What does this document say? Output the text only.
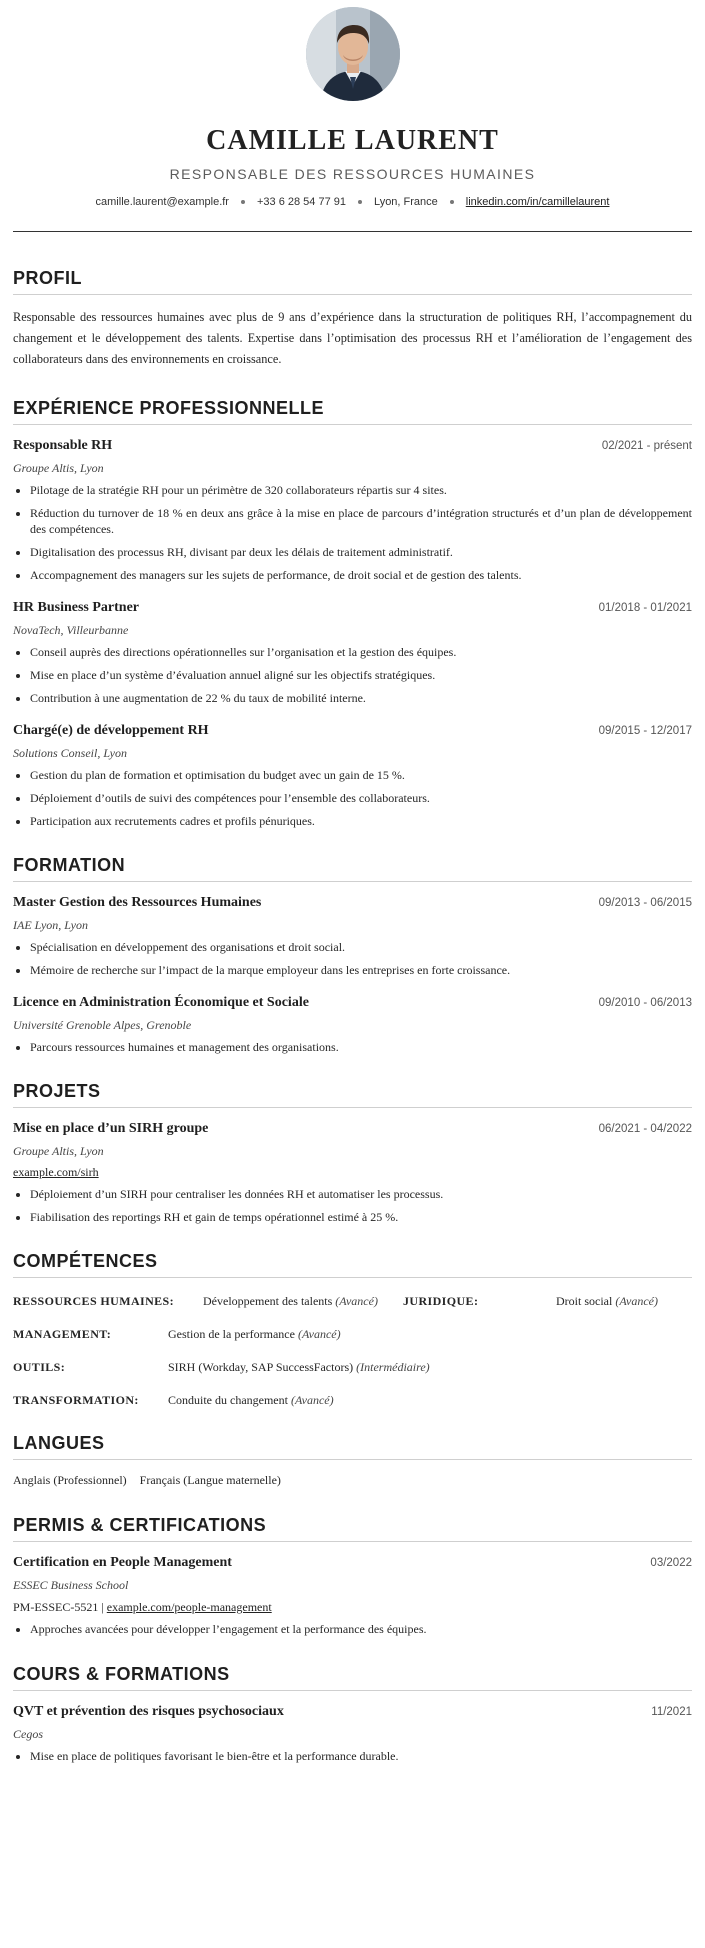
CAMILLE LAURENT
RESPONSABLE DES RESSOURCES HUMAINES
camille.laurent@example.fr	+33 6 28 54 77 91	Lyon, France	linkedin.com/in/camillelaurent
PROFIL
Responsable des ressources humaines avec plus de 9 ans d’expérience dans la structuration de politiques RH, l’accompagnement du changement et le développement des talents. Expertise dans l’optimisation des processus RH et l’amélioration de l’engagement des collaborateurs dans des environnements en croissance.
EXPÉRIENCE PROFESSIONNELLE
Responsable RH	02/2021 - présent
Groupe Altis, Lyon
• Pilotage de la stratégie RH pour un périmètre de 320 collaborateurs répartis sur 4 sites.
• Réduction du turnover de 18 % en deux ans grâce à la mise en place de parcours d’intégration structurés et d’un plan de développement des compétences.
• Digitalisation des processus RH, divisant par deux les délais de traitement administratif.
• Accompagnement des managers sur les sujets de performance, de droit social et de gestion des talents.
HR Business Partner	01/2018 - 01/2021
NovaTech, Villeurbanne
• Conseil auprès des directions opérationnelles sur l’organisation et la gestion des équipes.
• Mise en place d’un système d’évaluation annuel aligné sur les objectifs stratégiques.
• Contribution à une augmentation de 22 % du taux de mobilité interne.
Chargé(e) de développement RH	09/2015 - 12/2017
Solutions Conseil, Lyon
• Gestion du plan de formation et optimisation du budget avec un gain de 15 %.
• Déploiement d’outils de suivi des compétences pour l’ensemble des collaborateurs.
• Participation aux recrutements cadres et profils pénuriques.
FORMATION
Master Gestion des Ressources Humaines	09/2013 - 06/2015
IAE Lyon, Lyon
• Spécialisation en développement des organisations et droit social.
• Mémoire de recherche sur l’impact de la marque employeur dans les entreprises en forte croissance.
Licence en Administration Économique et Sociale	09/2010 - 06/2013
Université Grenoble Alpes, Grenoble
• Parcours ressources humaines et management des organisations.
PROJETS
Mise en place d’un SIRH groupe	06/2021 - 04/2022
Groupe Altis, Lyon
example.com/sirh
• Déploiement d’un SIRH pour centraliser les données RH et automatiser les processus.
• Fiabilisation des reportings RH et gain de temps opérationnel estimé à 25 %.
COMPÉTENCES
RESSOURCES HUMAINES:	Développement des talents (Avancé)	JURIDIQUE:	Droit social (Avancé)
MANAGEMENT:	Gestion de la performance (Avancé)
OUTILS:	SIRH (Workday, SAP SuccessFactors) (Intermédiaire)
TRANSFORMATION:	Conduite du changement (Avancé)
LANGUES
Anglais (Professionnel) Français (Langue maternelle)
PERMIS & CERTIFICATIONS
Certification en People Management	03/2022
ESSEC Business School
PM-ESSEC-5521 | example.com/people-management
• Approches avancées pour développer l’engagement et la performance des équipes.
COURS & FORMATIONS
QVT et prévention des risques psychosociaux	11/2021
Cegos
• Mise en place de politiques favorisant le bien-être et la performance durable.
